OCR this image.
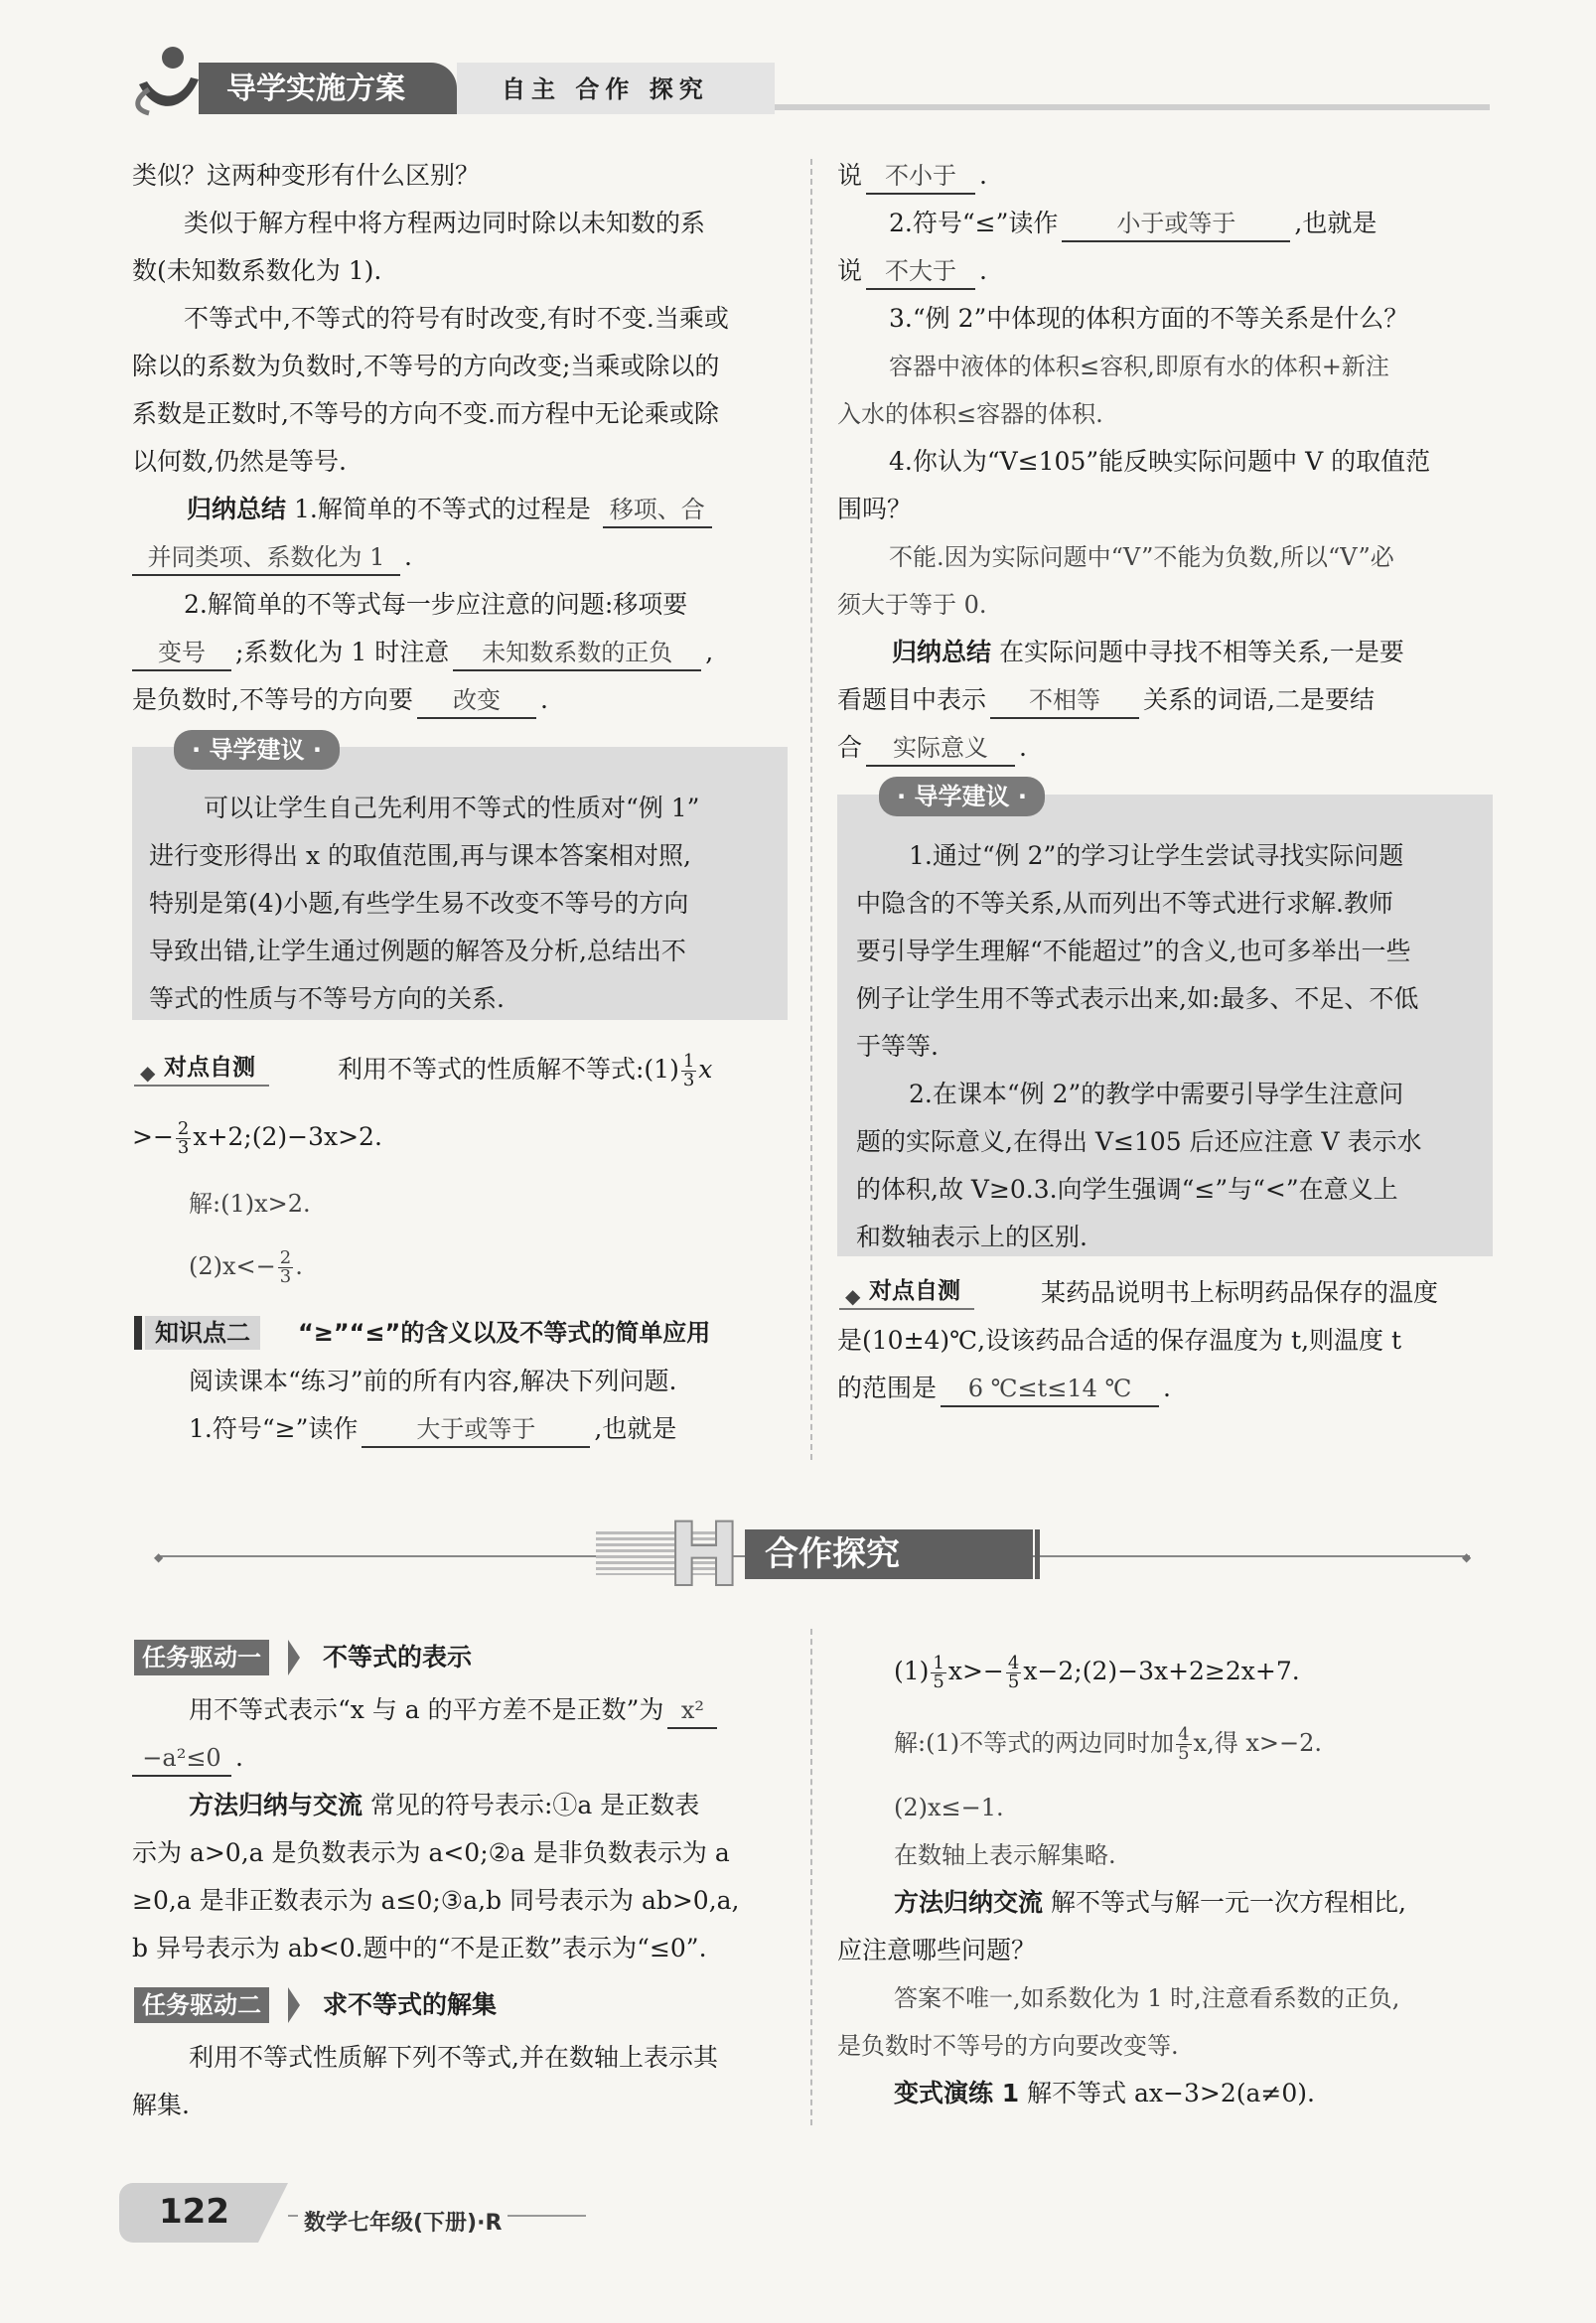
导学实施方案	自主 合作 探究
类似？这两种变形有什么区别？
类似于解方程中将方程两边同时除以未知数的系
数(未知数系数化为 1).
不等式中,不等式的符号有时改变,有时不变.当乘或
除以的系数为负数时,不等号的方向改变;当乘或除以的
系数是正数时,不等号的方向不变.而方程中无论乘或除
以何数,仍然是等号.
归纳总结 1.解简单的不等式的过程是 移项、合
并同类项、系数化为 1 .
2.解简单的不等式每一步应注意的问题:移项要
变号 ;系数化为 1 时注意 未知数系数的正负 ,
是负数时,不等号的方向要 改变 .
· 导学建议 ·
可以让学生自己先利用不等式的性质对“例 1”
进行变形得出 x 的取值范围,再与课本答案相对照,
特别是第(4)小题,有些学生易不改变不等号的方向
导致出错,让学生通过例题的解答及分析,总结出不
等式的性质与不等号方向的关系.
对点自测
◆	利用不等式的性质解不等式:(1) $\frac{1}{3}$ x
>− $\frac{2}{3}$ x+2;(2)−3x>2.
解:(1)x>2.
$(2)x<- \frac{2}{3}$ .
知识点二	“≥”“≤”的含义以及不等式的简单应用
阅读课本“练习”前的所有内容,解决下列问题.
1.符号“≥”读作 大于或等于 ,也就是
说 不小于 .
2.符号“≤”读作 小于或等于 ,也就是
说 不大于 .
3.“例 2”中体现的体积方面的不等关系是什么？
容器中液体的体积≤容积,即原有水的体积+新注
入水的体积≤容器的体积.
4.你认为“V≤105”能反映实际问题中 V 的取值范
围吗？
不能.因为实际问题中“V”不能为负数,所以“V”必
须大于等于 0.
归纳总结 在实际问题中寻找不相等关系,一是要
看题目中表示 不相等 关系的词语,二是要结
合 实际意义 .
· 导学建议 ·
1.通过“例 2”的学习让学生尝试寻找实际问题
中隐含的不等关系,从而列出不等式进行求解.教师
要引导学生理解“不能超过”的含义,也可多举出一些
例子让学生用不等式表示出来,如:最多、不足、不低
于等等.
2.在课本“例 2”的教学中需要引导学生注意问
题的实际意义,在得出 V≤105 后还应注意 V 表示水
的体积,故 V≥0.3.向学生强调“≤”与“<”在意义上
和数轴表示上的区别.
对点自测
◆	某药品说明书上标明药品保存的温度
是(10±4)℃,设该药品合适的保存温度为 t,则温度 t
的范围是 6 ℃≤t≤14 ℃ .
◆	◆
H 合作探究
任务驱动一	不等式的表示
用不等式表示“x 与 a 的平方差不是正数”为 x²
−a²≤0 .
方法归纳与交流 常见的符号表示:①a 是正数表
示为 a>0,a 是负数表示为 a<0;②a 是非负数表示为 a
≥0,a 是非正数表示为 a≤0;③a,b 同号表示为 ab>0,a,
b 异号表示为 ab<0.题中的“不是正数”表示为“≤0”.
任务驱动二	求不等式的解集
利用不等式性质解下列不等式,并在数轴上表示其
解集.
$(1) \frac{1}{5} x>- \frac{4}{5}$ x−2;(2)−3x+2≥2x+7.
解:(1)不等式的两边同时加 $\frac{4}{5} x$,得 x>−2.
(2)x≤−1.
在数轴上表示解集略.
方法归纳交流 解不等式与解一元一次方程相比,
应注意哪些问题？
答案不唯一,如系数化为 1 时,注意看系数的正负,
是负数时不等号的方向要改变等.
变式演练 1 解不等式 ax−3>2(a≠0).
122	数学七年级(下册)·R
